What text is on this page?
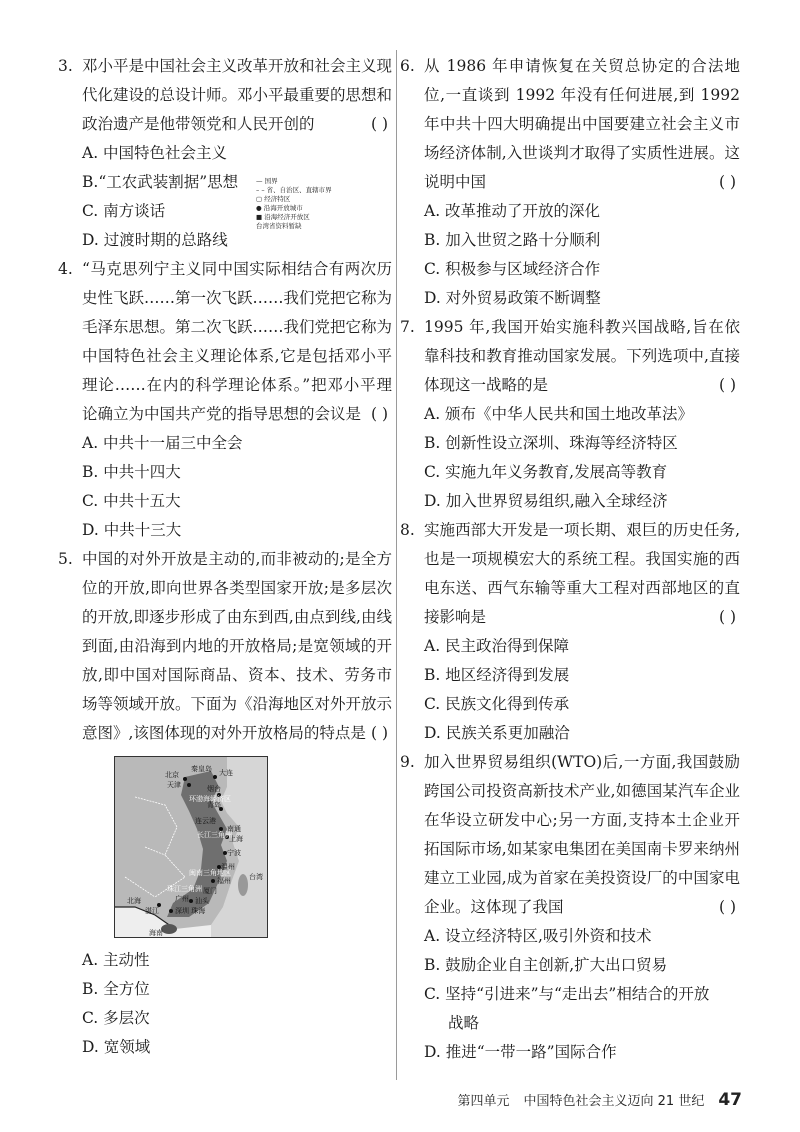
3. 邓小平是中国社会主义改革开放和社会主义现代化建设的总设计师。邓小平最重要的思想和政治遗产是他带领党和人民开创的	( )
A. 中国特色社会主义
B.“工农武装割据”思想
C. 南方谈话
D. 过渡时期的总路线
4. “马克思列宁主义同中国实际相结合有两次历史性飞跃……第一次飞跃……我们党把它称为毛泽东思想。第二次飞跃……我们党把它称为中国特色社会主义理论体系,它是包括邓小平理论……在内的科学理论体系。”把邓小平理论确立为中国共产党的指导思想的会议是 ( )
A. 中共十一届三中全会
B. 中共十四大
C. 中共十五大
D. 中共十三大
5. 中国的对外开放是主动的,而非被动的;是全方位的开放,即向世界各类型国家开放;是多层次的开放,即逐步形成了由东到西,由点到线,由线到面,由沿海到内地的开放格局;是宽领域的开放,即中国对国际商品、资本、技术、劳务市场等领域开放。下面为《沿海地区对外开放示意图》,该图体现的对外开放格局的特点是 ( )
北京
天津
秦皇岛 大连
烟台
环渤海经济区
青岛
连云港
南通
上海
长江三角洲
宁波
温州
福州
闽南三角地区
厦门
汕头
珠江三角洲
广州
深圳 珠海
湛江
北海
海南
台湾
— 国界
– – 省、自治区、直辖市界
▢ 经济特区
● 沿海开放城市
■ 沿海经济开放区
台湾省资料暂缺
A. 主动性
B. 全方位
C. 多层次
D. 宽领域
6. 从 1986 年申请恢复在关贸总协定的合法地位,一直谈到 1992 年没有任何进展,到 1992 年中共十四大明确提出中国要建立社会主义市场经济体制,入世谈判才取得了实质性进展。这说明中国	( )
A. 改革推动了开放的深化
B. 加入世贸之路十分顺利
C. 积极参与区域经济合作
D. 对外贸易政策不断调整
7. 1995 年,我国开始实施科教兴国战略,旨在依靠科技和教育推动国家发展。下列选项中,直接体现这一战略的是	( )
A. 颁布《中华人民共和国土地改革法》
B. 创新性设立深圳、珠海等经济特区
C. 实施九年义务教育,发展高等教育
D. 加入世界贸易组织,融入全球经济
8. 实施西部大开发是一项长期、艰巨的历史任务,也是一项规模宏大的系统工程。我国实施的西电东送、西气东输等重大工程对西部地区的直接影响是	( )
A. 民主政治得到保障
B. 地区经济得到发展
C. 民族文化得到传承
D. 民族关系更加融洽
9. 加入世界贸易组织(WTO)后,一方面,我国鼓励跨国公司投资高新技术产业,如德国某汽车企业在华设立研发中心;另一方面,支持本土企业开拓国际市场,如某家电集团在美国南卡罗来纳州建立工业园,成为首家在美投资设厂的中国家电企业。这体现了我国	( )
A. 设立经济特区,吸引外资和技术
B. 鼓励企业自主创新,扩大出口贸易
C. 坚持“引进来”与“走出去”相结合的开放
战略
D. 推进“一带一路”国际合作
第四单元 中国特色社会主义迈向 21 世纪 47
